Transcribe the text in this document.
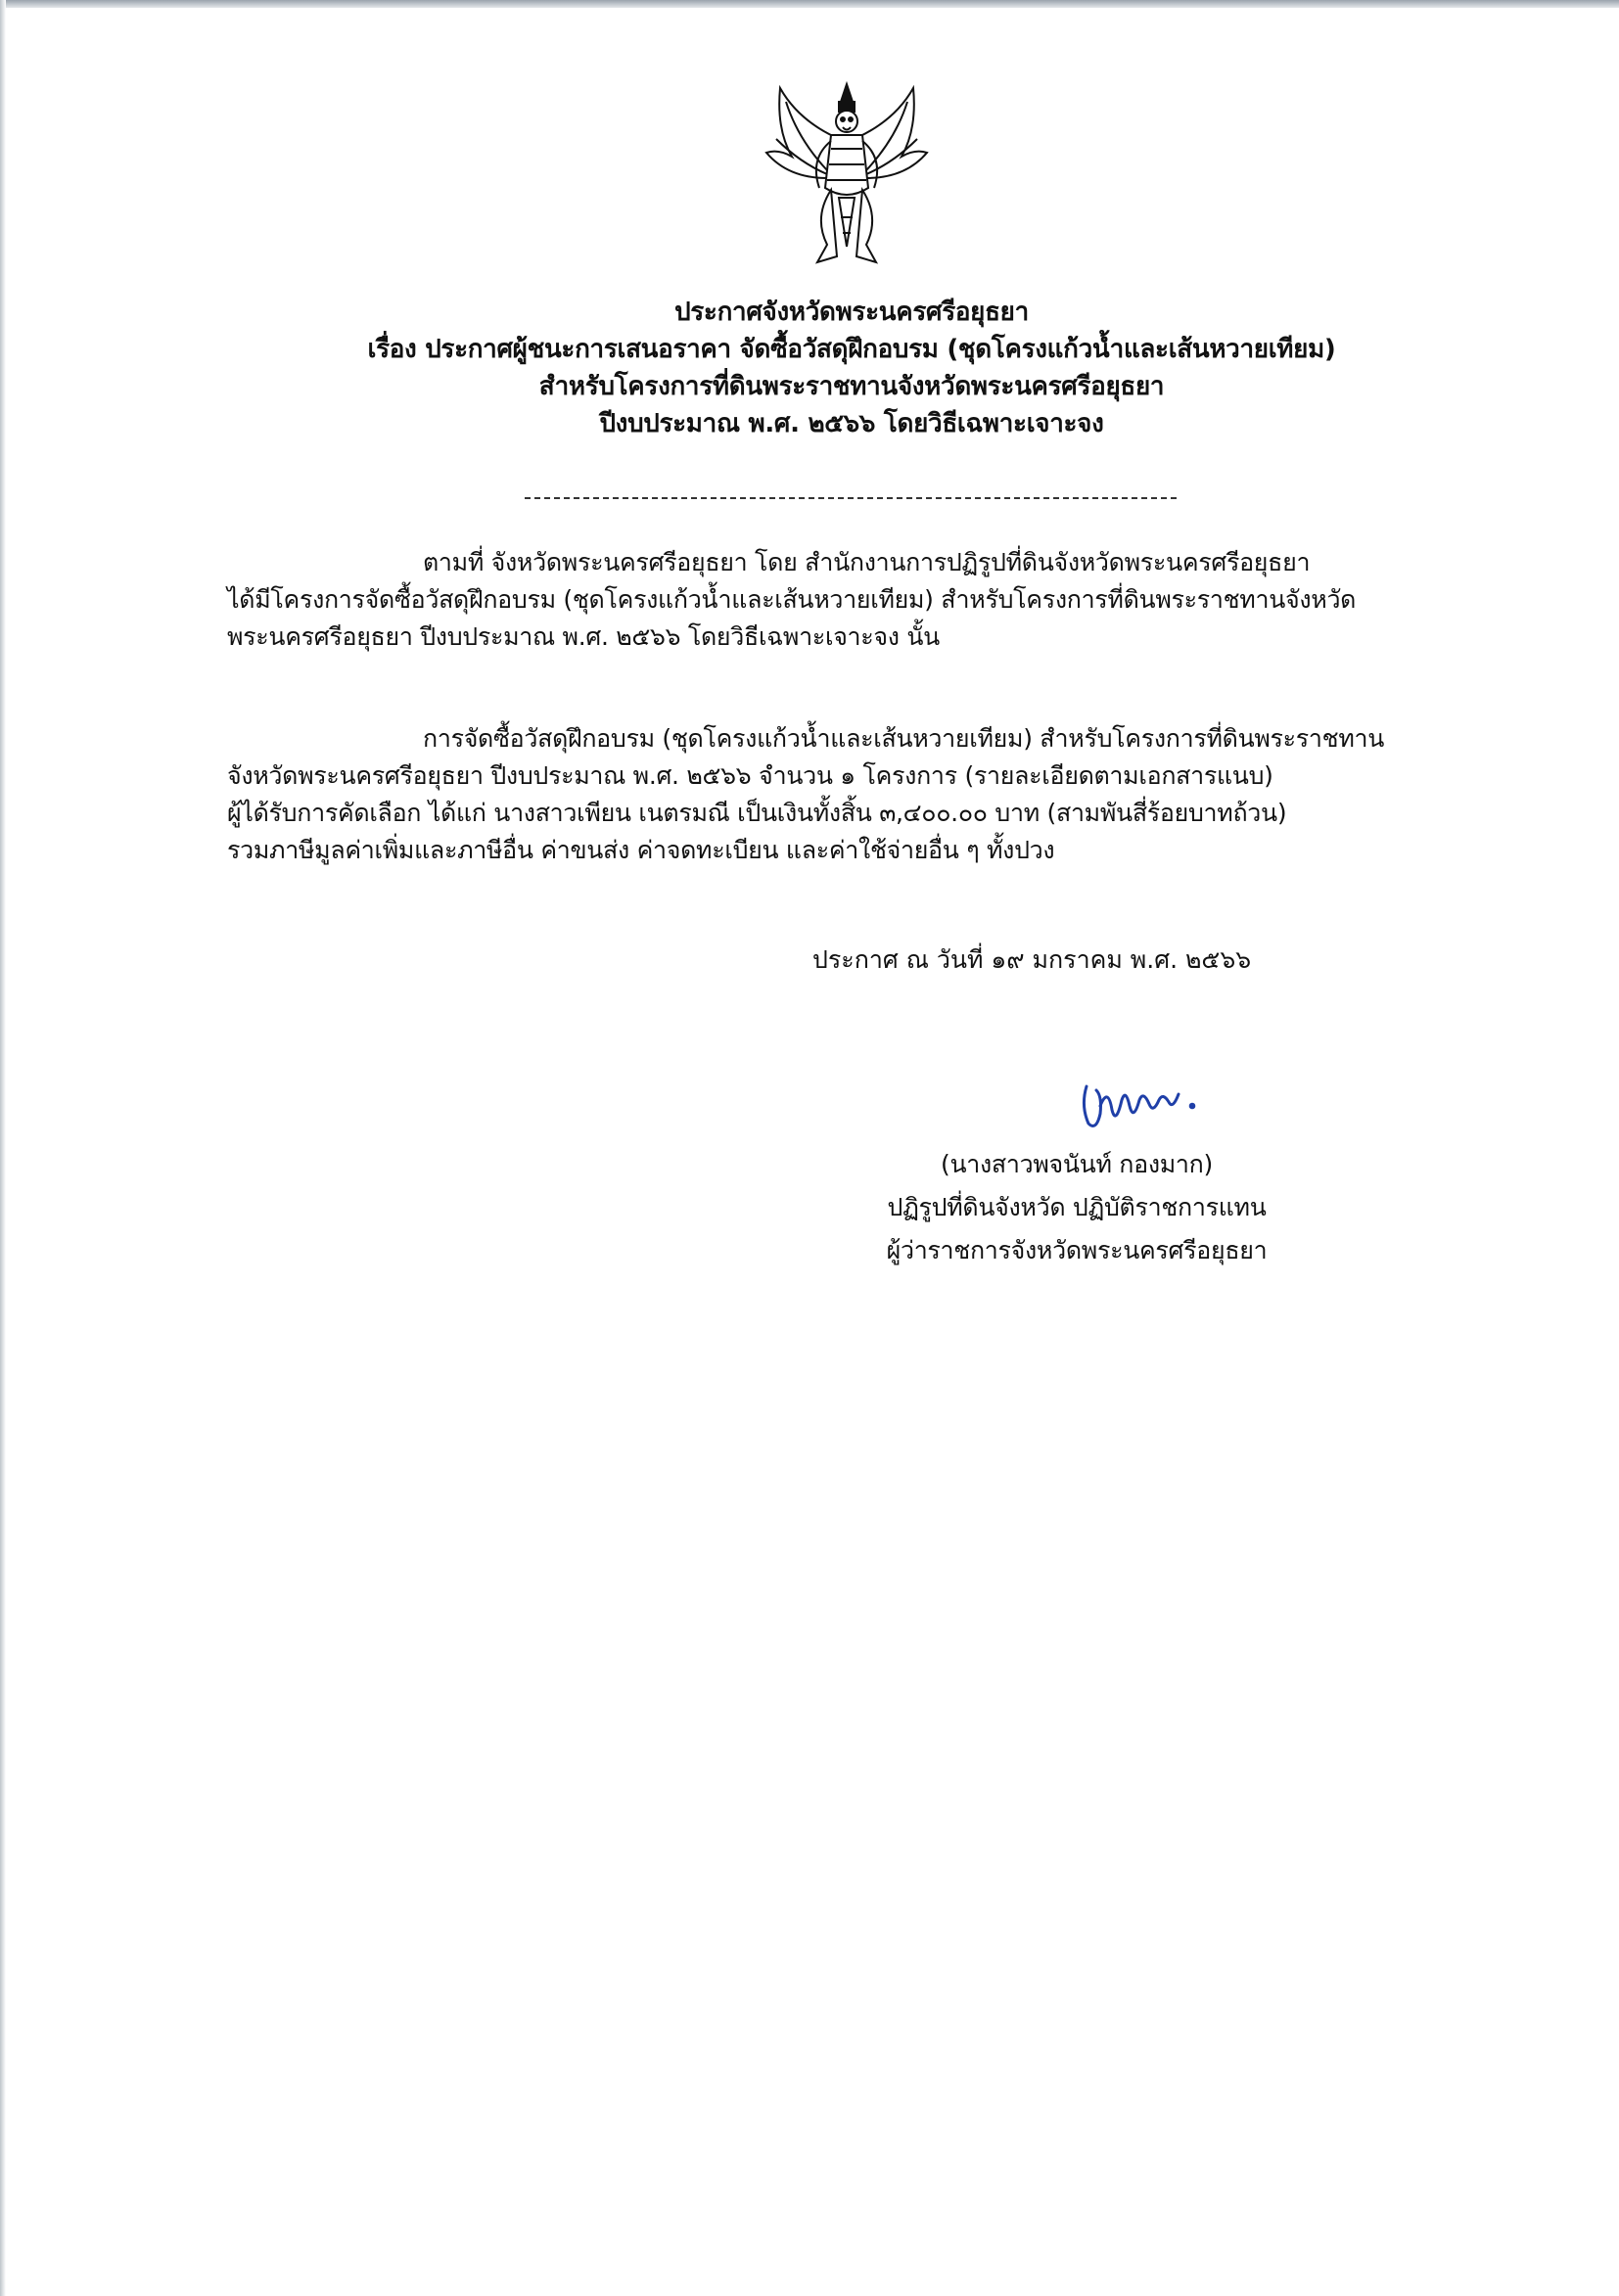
ประกาศจังหวัดพระนครศรีอยุธยา
เรื่อง ประกาศผู้ชนะการเสนอราคา จัดซื้อวัสดุฝึกอบรม (ชุดโครงแก้วน้ำและเส้นหวายเทียม)
สำหรับโครงการที่ดินพระราชทานจังหวัดพระนครศรีอยุธยา
ปีงบประมาณ พ.ศ. ๒๕๖๖ โดยวิธีเฉพาะเจาะจง
ตามที่ จังหวัดพระนครศรีอยุธยา โดย สำนักงานการปฏิรูปที่ดินจังหวัดพระนครศรีอยุธยา
ได้มีโครงการจัดซื้อวัสดุฝึกอบรม (ชุดโครงแก้วน้ำและเส้นหวายเทียม) สำหรับโครงการที่ดินพระราชทานจังหวัด
พระนครศรีอยุธยา ปีงบประมาณ พ.ศ. ๒๕๖๖ โดยวิธีเฉพาะเจาะจง นั้น
การจัดซื้อวัสดุฝึกอบรม (ชุดโครงแก้วน้ำและเส้นหวายเทียม) สำหรับโครงการที่ดินพระราชทาน
จังหวัดพระนครศรีอยุธยา ปีงบประมาณ พ.ศ. ๒๕๖๖ จำนวน ๑ โครงการ (รายละเอียดตามเอกสารแนบ)
ผู้ได้รับการคัดเลือก ได้แก่ นางสาวเพียน เนตรมณี เป็นเงินทั้งสิ้น ๓,๔๐๐.๐๐ บาท (สามพันสี่ร้อยบาทถ้วน)
รวมภาษีมูลค่าเพิ่มและภาษีอื่น ค่าขนส่ง ค่าจดทะเบียน และค่าใช้จ่ายอื่น ๆ ทั้งปวง
ประกาศ ณ วันที่ ๑๙ มกราคม พ.ศ. ๒๕๖๖
(นางสาวพจนันท์ กองมาก)
ปฏิรูปที่ดินจังหวัด ปฏิบัติราชการแทน
ผู้ว่าราชการจังหวัดพระนครศรีอยุธยา
